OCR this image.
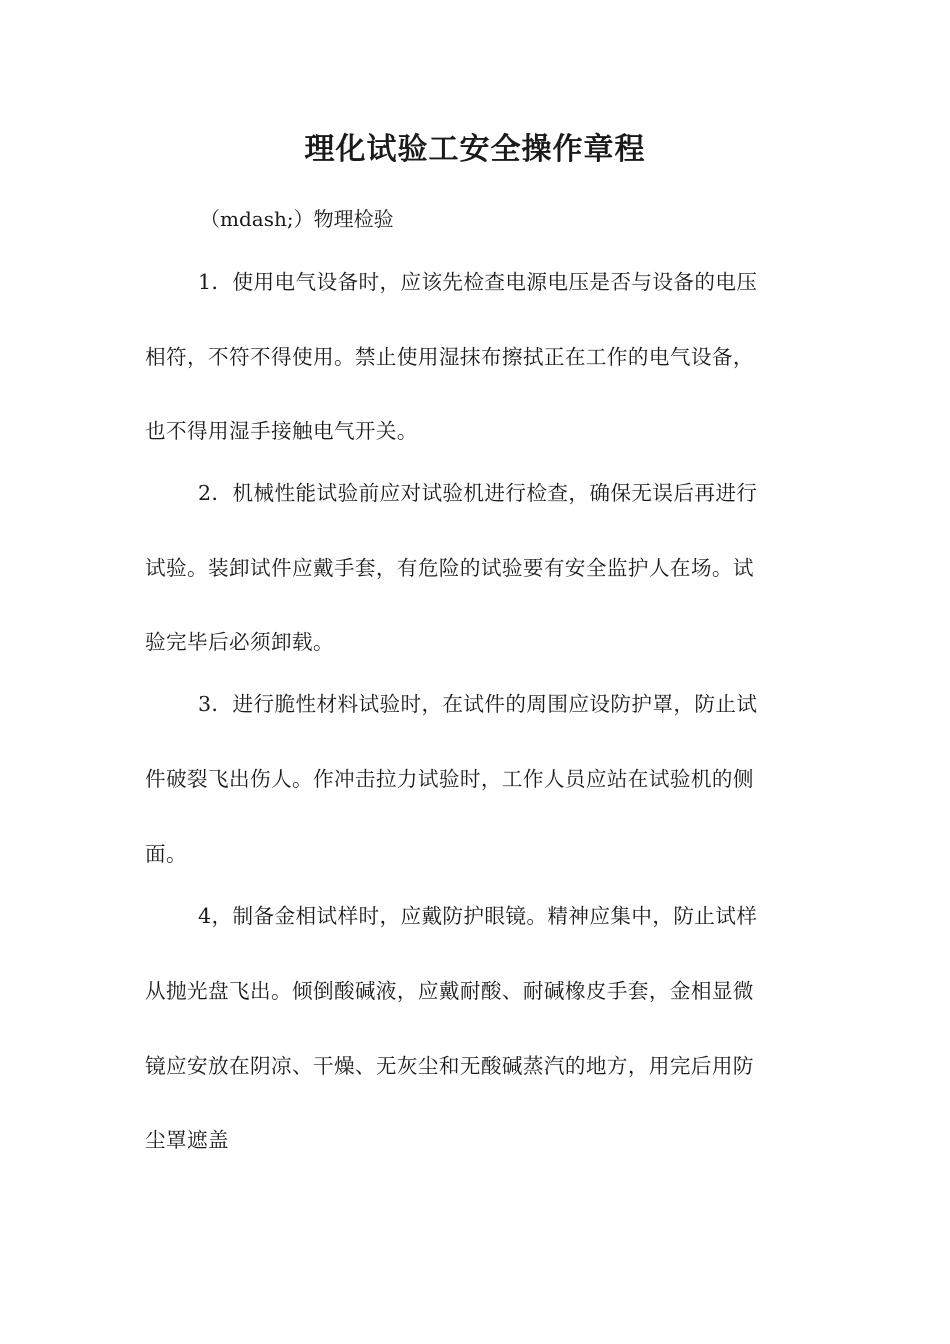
理化试验工安全操作章程
（mdash;）物理检验
1．使用电气设备时，应该先检查电源电压是否与设备的电压
相符，不符不得使用。禁止使用湿抹布擦拭正在工作的电气设备，
也不得用湿手接触电气开关。
2．机械性能试验前应对试验机进行检查，确保无误后再进行
试验。装卸试件应戴手套，有危险的试验要有安全监护人在场。试
验完毕后必须卸载。
3．进行脆性材料试验时，在试件的周围应设防护罩，防止试
件破裂飞出伤人。作冲击拉力试验时，工作人员应站在试验机的侧
面。
4，制备金相试样时，应戴防护眼镜。精神应集中，防止试样
从抛光盘飞出。倾倒酸碱液，应戴耐酸、耐碱橡皮手套，金相显微
镜应安放在阴凉、干燥、无灰尘和无酸碱蒸汽的地方，用完后用防
尘罩遮盖
